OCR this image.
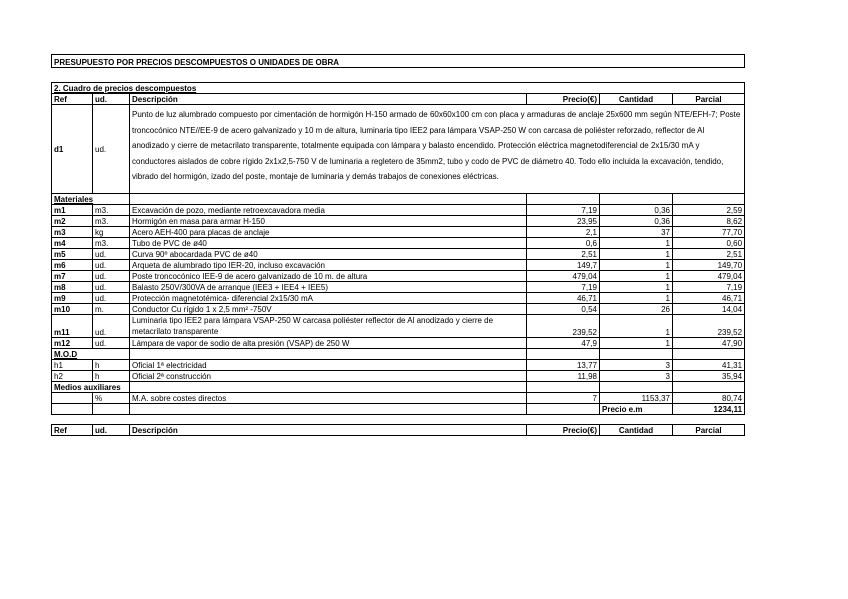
PRESUPUESTO POR PRECIOS DESCOMPUESTOS O UNIDADES DE OBRA					

2. Cuadro de precios descompuestos					
Ref	ud.	Descripción	Precio(€)	Cantidad	Parcial
d1	ud.	Punto de luz alumbrado compuesto por cimentación de hormigón H-150 armado de 60x60x100 cm con placa y armaduras de anclaje 25x600 mm según NTE/EFH-7; Poste troncocónico NTE//EE-9 de acero galvanizado y 10 m de altura, luminaria tipo IEE2 para lámpara VSAP-250 W con carcasa de poliéster reforzado, reflector de Al anodizado y cierre de metacrilato transparente, totalmente equipada con lámpara y balasto encendido. Protección eléctrica magnetodiferencial de 2x15/30 mA y conductores aislados de cobre rígido 2x1x2,5-750 V de luminaria a regletero de 35mm2, tubo y codo de PVC de diámetro 40. Todo ello incluida la excavación, tendido, vibrado del hormigón, izado del poste, montaje de luminaria y demás trabajos de conexiones eléctricas.			
Materiales					
m1	m3.	Excavación de pozo, mediante retroexcavadora media	7,19	0,36	2,59
m2	m3.	Hormigón en masa para armar H-150	23,95	0,36	8,62
m3	kg	Acero AEH-400 para placas de anclaje	2,1	37	77,70
m4	m3.	Tubo de PVC de ø40	0,6	1	0,60
m5	ud.	Curva 90º abocardada PVC de ø40	2,51	1	2,51
m6	ud.	Arqueta de alumbrado tipo IER-20, incluso excavación	149,7	1	149,70
m7	ud.	Poste troncocónico IEE-9 de acero galvanizado de 10 m. de altura	479,04	1	479,04
m8	ud.	Balasto 250V/300VA de arranque (IEE3 + IEE4 + IEE5)	7,19	1	7,19
m9	ud.	Protección magnetotémica- diferencial 2x15/30 mA	46,71	1	46,71
m10	m.	Conductor Cu rígido 1 x 2,5 mm² -750V	0,54	26	14,04
m11	ud.	Luminaria tipo IEE2 para lámpara VSAP-250 W carcasa poliéster reflector de Al anodizado y cierre de metacrilato transparente	239,52	1	239,52
m12	ud.	Lámpara de vapor de sodio de alta presión (VSAP) de 250 W	47,9	1	47,90
M.O.D					
h1	h	Oficial 1ª electricidad	13,77	3	41,31
h2	h	Oficial 2ª construcción	11,98	3	35,94
Medios auxiliares					
	%	M.A. sobre costes directos	7	1153,37	80,74
				Precio e.m	1234,11

Ref	ud.	Descripción	Precio(€)	Cantidad	Parcial
